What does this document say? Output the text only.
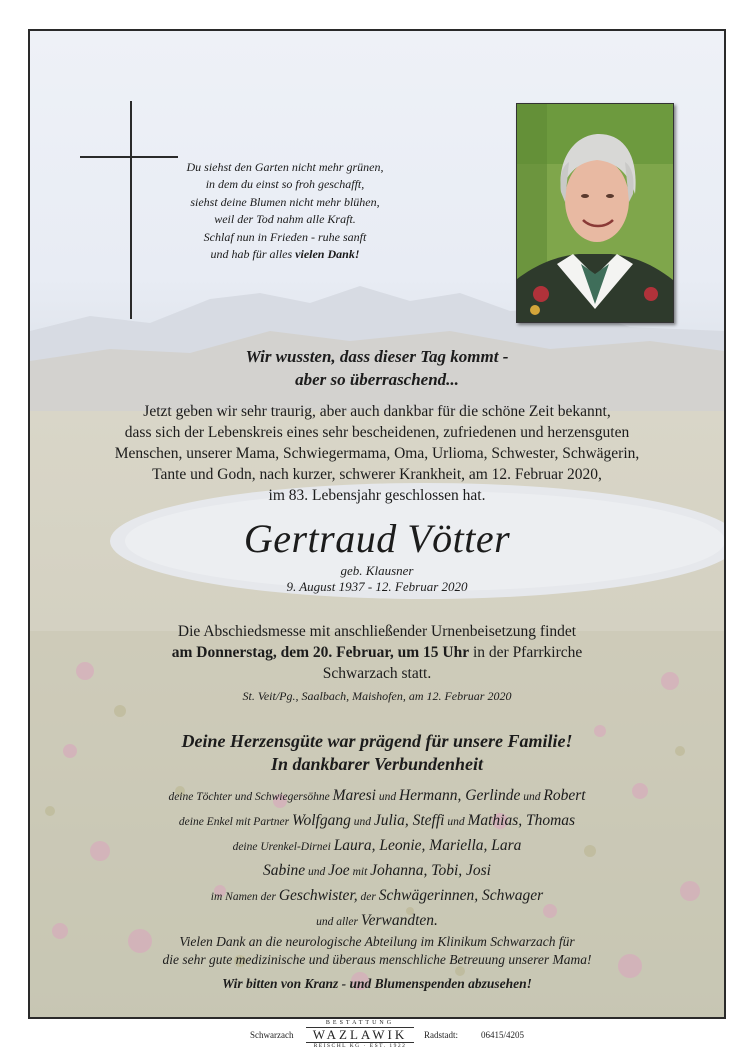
Du siehst den Garten nicht mehr grünen,
in dem du einst so froh geschafft,
siehst deine Blumen nicht mehr blühen,
weil der Tod nahm alle Kraft.
Schlaf nun in Frieden - ruhe sanft
und hab für alles vielen Dank!
Wir wussten, dass dieser Tag kommt -
aber so überraschend...
Jetzt geben wir sehr traurig, aber auch dankbar für die schöne Zeit bekannt,
dass sich der Lebenskreis eines sehr bescheidenen, zufriedenen und herzensguten
Menschen, unserer Mama, Schwiegermama, Oma, Urlioma, Schwester, Schwägerin,
Tante und Godn, nach kurzer, schwerer Krankheit, am 12. Februar 2020,
im 83. Lebensjahr geschlossen hat.
Gertraud Vötter
geb. Klausner
9. August 1937 - 12. Februar 2020
Die Abschiedsmesse mit anschließender Urnenbeisetzung findet
am Donnerstag, dem 20. Februar, um 15 Uhr in der Pfarrkirche
Schwarzach statt.
St. Veit/Pg., Saalbach, Maishofen, am 12. Februar 2020
Deine Herzensgüte war prägend für unsere Familie!
In dankbarer Verbundenheit
deine Töchter und Schwiegersöhne Maresi und Hermann, Gerlinde und Robert
deine Enkel mit Partner Wolfgang und Julia, Steffi und Mathias, Thomas
deine Urenkel-Dirnei Laura, Leonie, Mariella, Lara
Sabine und Joe mit Johanna, Tobi, Josi
im Namen der Geschwister, der Schwägerinnen, Schwager
und aller Verwandten.
Vielen Dank an die neurologische Abteilung im Klinikum Schwarzach für
die sehr gute medizinische und überaus menschliche Betreuung unserer Mama!
Wir bitten von Kranz - und Blumenspenden abzusehen!
Schwarzach
BESTATTUNG
WAZLAWIK
REISCHL KG · EST. 1922
Radstadt:	06415/4205
